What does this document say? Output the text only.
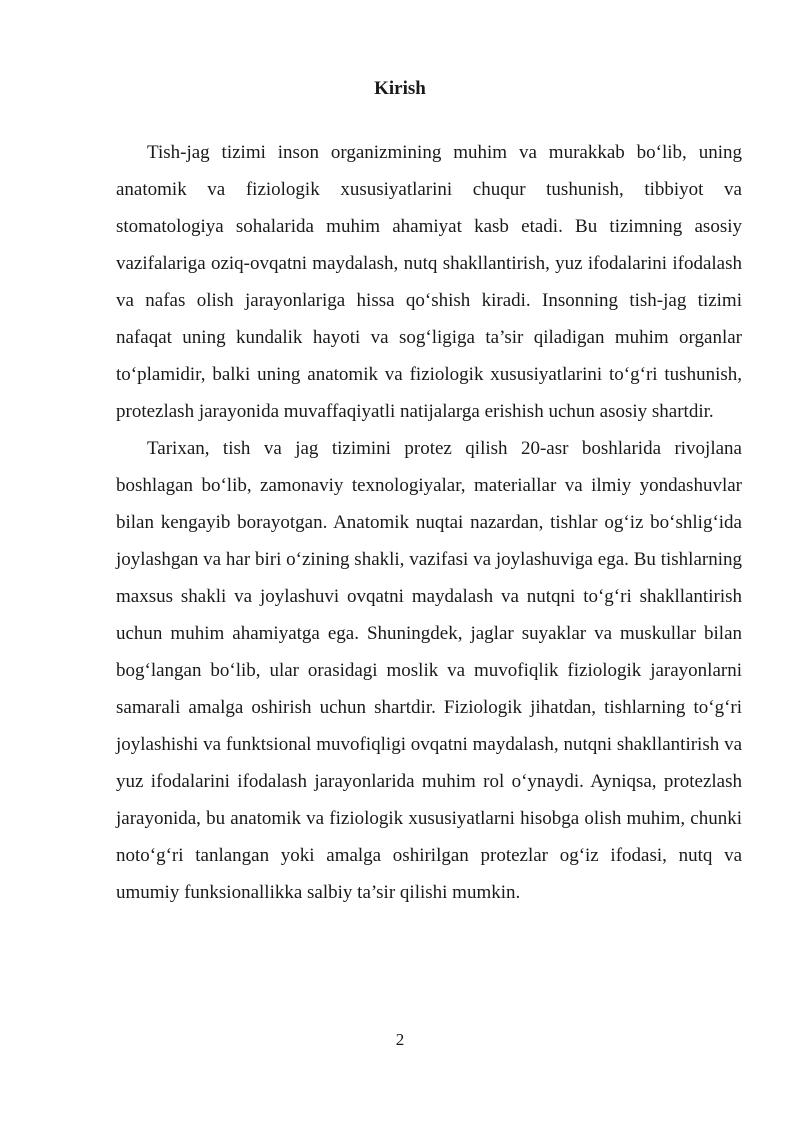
Kirish

Tish-jag tizimi inson organizmining muhim va murakkab bo‘lib, uning anatomik va fiziologik xususiyatlarini chuqur tushunish, tibbiyot va stomatologiya sohalarida muhim ahamiyat kasb etadi. Bu tizimning asosiy vazifalariga oziq-ovqatni maydalash, nutq shakllantirish, yuz ifodalarini ifodalash va nafas olish jarayonlariga hissa qo‘shish kiradi. Insonning tish-jag tizimi nafaqat uning kundalik hayoti va sog‘ligiga ta’sir qiladigan muhim organlar to‘plamidir, balki uning anatomik va fiziologik xususiyatlarini to‘g‘ri tushunish, protezlash jarayonida muvaffaqiyatli natijalarga erishish uchun asosiy shartdir.

Tarixan, tish va jag tizimini protez qilish 20-asr boshlarida rivojlana boshlagan bo‘lib, zamonaviy texnologiyalar, materiallar va ilmiy yondashuvlar bilan kengayib borayotgan. Anatomik nuqtai nazardan, tishlar og‘iz bo‘shlig‘ida joylashgan va har biri o‘zining shakli, vazifasi va joylashuviga ega. Bu tishlarning maxsus shakli va joylashuvi ovqatni maydalash va nutqni to‘g‘ri shakllantirish uchun muhim ahamiyatga ega. Shuningdek, jaglar suyaklar va muskullar bilan bog‘langan bo‘lib, ular orasidagi moslik va muvofiqlik fiziologik jarayonlarni samarali amalga oshirish uchun shartdir. Fiziologik jihatdan, tishlarning to‘g‘ri joylashishi va funktsional muvofiqligi ovqatni maydalash, nutqni shakllantirish va yuz ifodalarini ifodalash jarayonlarida muhim rol o‘ynaydi. Ayniqsa, protezlash jarayonida, bu anatomik va fiziologik xususiyatlarni hisobga olish muhim, chunki noto‘g‘ri tanlangan yoki amalga oshirilgan protezlar og‘iz ifodasi, nutq va umumiy funksionallikka salbiy ta’sir qilishi mumkin.

2
